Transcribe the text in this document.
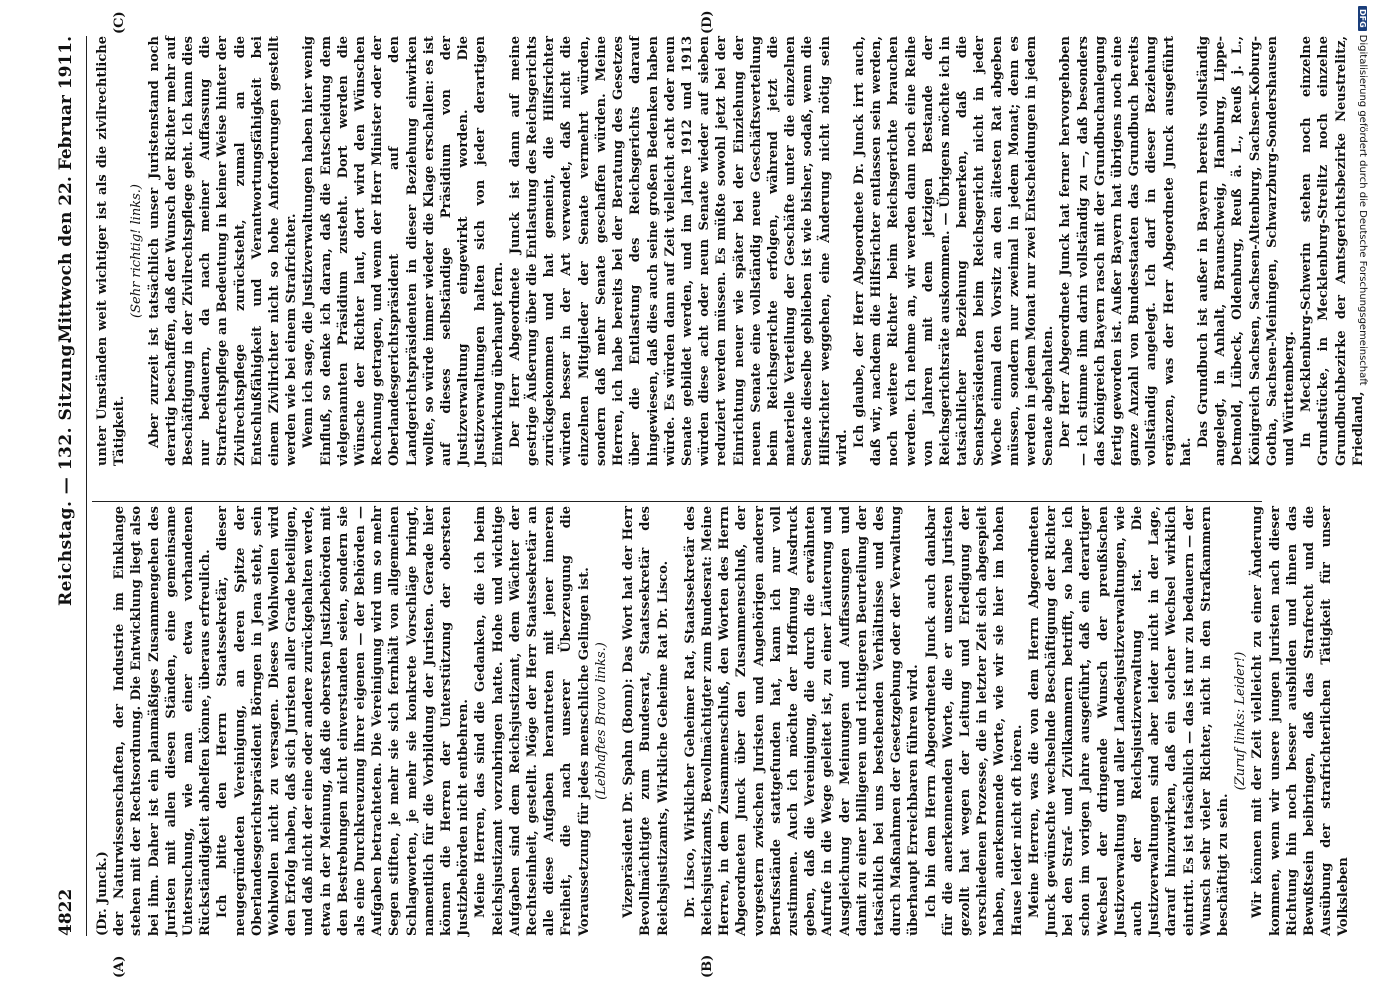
4822
Reichstag. — 132. Sitzung.
Mittwoch den 22. Februar 1911.
(A)	(B)
(C)	(D)

(Dr. Junck.) der Naturwissenschaften, der Industrie im Einklange stehen mit der Rechtsordnung. Die Entwicklung liegt also bei ihm. Daher ist ein planmäßiges Zusammengehen des Juristen mit allen diesen Ständen, eine gemeinsame Untersuchung, wie man einer etwa vorhandenen Rückständigkeit abhelfen könne, überaus erfreulich. Ich bitte den Herrn Staatssekretär, dieser neugegründeten Vereinigung, an deren Spitze der Oberlandesgerichtspräsident Börngen in Jena steht, sein Wohlwollen nicht zu versagen. Dieses Wohlwollen wird den Erfolg haben, daß sich Juristen aller Grade beteiligen, und daß nicht der eine oder andere zurückgehalten werde, etwa in der Meinung, daß die obersten Justizbehörden mit den Bestrebungen nicht einverstanden seien, sondern sie als eine Durchkreuzung ihrer eigenen — der Behörden — Aufgaben betrachteten. Die Vereinigung wird um so mehr Segen stiften, je mehr sie sich fernhält von allgemeinen Schlagworten, je mehr sie konkrete Vorschläge bringt, namentlich für die Vorbildung der Juristen. Gerade hier können die Herren der Unterstützung der obersten Justizbehörden nicht entbehren. Meine Herren, das sind die Gedanken, die ich beim Reichsjustizamt vorzubringen hatte. Hohe und wichtige Aufgaben sind dem Reichsjustizamt, dem Wächter der Rechtseinheit, gestellt. Möge der Herr Staatssekretär an alle diese Aufgaben herantreten mit jener inneren Freiheit, die nach unserer Überzeugung die Voraussetzung für jedes menschliche Gelingen ist. (Lebhaftes Bravo links.) Vizepräsident Dr. Spahn (Bonn): Das Wort hat der Herr Bevollmächtigte zum Bundesrat, Staatssekretär des Reichsjustizamts, Wirkliche Geheime Rat Dr. Lisco. Dr. Lisco, Wirklicher Geheimer Rat, Staatssekretär des Reichsjustizamts, Bevollmächtigter zum Bundesrat: Meine Herren, in dem Zusammenschluß, den Worten des Herrn Abgeordneten Junck über den Zusammenschluß, der vorgestern zwischen Juristen und Angehörigen anderer Berufsstände stattgefunden hat, kann ich nur voll zustimmen. Auch ich möchte der Hoffnung Ausdruck geben, daß die Vereinigung, die durch die erwähnten Aufrufe in die Wege geleitet ist, zu einer Läuterung und Ausgleichung der Meinungen und Auffassungen und damit zu einer billigeren und richtigeren Beurteilung der tatsächlich bei uns bestehenden Verhältnisse und des durch Maßnahmen der Gesetzgebung oder der Verwaltung überhaupt Erreichbaren führen wird. Ich bin dem Herrn Abgeordneten Junck auch dankbar für die anerkennenden Worte, die er unseren Juristen gezollt hat wegen der Leitung und Erledigung der verschiedenen Prozesse, die in letzter Zeit sich abgespielt haben, anerkennende Worte, wie wir sie hier im hohen Hause leider nicht oft hören. Meine Herren, was die von dem Herrn Abgeordneten Junck gewünschte wechselnde Beschäftigung der Richter bei den Straf- und Zivilkammern betrifft, so habe ich schon im vorigen Jahre ausgeführt, daß ein derartiger Wechsel der dringende Wunsch der preußischen Justizverwaltung und aller Landesjustizverwaltungen, wie auch der Reichsjustizverwaltung ist. Die Justizverwaltungen sind aber leider nicht in der Lage, darauf hinzuwirken, daß ein solcher Wechsel wirklich eintritt. Es ist tatsächlich — das ist nur zu bedauern — der Wunsch sehr vieler Richter, nicht in den Strafkammern beschäftigt zu sein.

(Zuruf links: Leider!) Wir können mit der Zeit vielleicht zu einer Änderung kommen, wenn wir unsere jungen Juristen nach dieser Richtung hin noch besser ausbilden und ihnen das Bewußtsein beibringen, daß das Strafrecht und die Ausübung der strafrichterlichen Tätigkeit für unser Volksleben

unter Umständen weit wichtiger ist als die zivilrechtliche Tätigkeit.

(Sehr richtig! links.) Aber zurzeit ist tatsächlich unser Juristenstand noch derartig beschaffen, daß der Wunsch der Richter mehr auf Beschäftigung in der Zivilrechtspflege geht. Ich kann dies nur bedauern, da nach meiner Auffassung die Strafrechtspflege an Bedeutung in keiner Weise hinter der Zivilrechtspflege zurücksteht, zumal an die Entschlußfähigkeit und Verantwortungsfähigkeit bei einem Zivilrichter nicht so hohe Anforderungen gestellt werden wie bei einem Strafrichter. Wenn ich sage, die Justizverwaltungen haben hier wenig Einfluß, so denke ich daran, daß die Entscheidung dem vielgenannten Präsidium zusteht. Dort werden die Wünsche der Richter laut, dort wird den Wünschen Rechnung getragen, und wenn der Herr Minister oder der Oberlandesgerichtspräsident auf den Landgerichtspräsidenten in dieser Beziehung einwirken wollte, so würde immer wieder die Klage erschallen: es ist auf dieses selbständige Präsidium von der Justizverwaltung eingewirkt worden. Die Justizverwaltungen halten sich von jeder derartigen Einwirkung überhaupt fern. Der Herr Abgeordnete Junck ist dann auf meine gestrige Äußerung über die Entlastung des Reichsgerichts zurückgekommen und hat gemeint, die Hilfsrichter würden besser in der Art verwendet, daß nicht die einzelnen Mitglieder der Senate vermehrt würden, sondern daß mehr Senate geschaffen würden. Meine Herren, ich habe bereits bei der Beratung des Gesetzes über die Entlastung des Reichsgerichts darauf hingewiesen, daß dies auch seine großen Bedenken haben würde. Es würden dann auf Zeit vielleicht acht oder neun Senate gebildet werden, und im Jahre 1912 und 1913 würden diese acht oder neun Senate wieder auf sieben reduziert werden müssen. Es müßte sowohl jetzt bei der Einrichtung neuer wie später bei der Einziehung der neuen Senate eine vollständig neue Geschäftsverteilung beim Reichsgerichte erfolgen, während jetzt die materielle Verteilung der Geschäfte unter die einzelnen Senate dieselbe geblieben ist wie bisher, sodaß, wenn die Hilfsrichter weggehen, eine Änderung nicht nötig sein wird. Ich glaube, der Herr Abgeordnete Dr. Junck irrt auch, daß wir, nachdem die Hilfsrichter entlassen sein werden, noch weitere Richter beim Reichsgerichte brauchen werden. Ich nehme an, wir werden dann noch eine Reihe von Jahren mit dem jetzigen Bestande der Reichsgerichtsräte auskommen. — Übrigens möchte ich in tatsächlicher Beziehung bemerken, daß die Senatspräsidenten beim Reichsgericht nicht in jeder Woche einmal den Vorsitz an den ältesten Rat abgeben müssen, sondern nur zweimal in jedem Monat; denn es werden in jedem Monat nur zwei Entscheidungen in jedem Senate abgehalten. Der Herr Abgeordnete Junck hat ferner hervorgehoben — ich stimme ihm darin vollständig zu —, daß besonders das Königreich Bayern rasch mit der Grundbuchanlegung fertig geworden ist. Außer Bayern hat übrigens noch eine ganze Anzahl von Bundesstaaten das Grundbuch bereits vollständig angelegt. Ich darf in dieser Beziehung ergänzen, was der Herr Abgeordnete Junck ausgeführt hat.

Das Grundbuch ist außer in Bayern bereits vollständig angelegt, in Anhalt, Braunschweig, Hamburg, Lippe-Detmold, Lübeck, Oldenburg, Reuß ä. L., Reuß j. L., Königreich Sachsen, Sachsen-Altenburg, Sachsen-Koburg-Gotha, Sachsen-Meiningen, Schwarzburg-Sondershausen und Württemberg. In Mecklenburg-Schwerin stehen noch einzelne Grundstücke, in Mecklenburg-Strelitz noch einzelne Grundbuchbezirke der Amtsgerichtsbezirke Neustrelitz, Friedland,

DFGDigitalisierung gefördert durch die Deutsche Forschungsgemeinschaft
